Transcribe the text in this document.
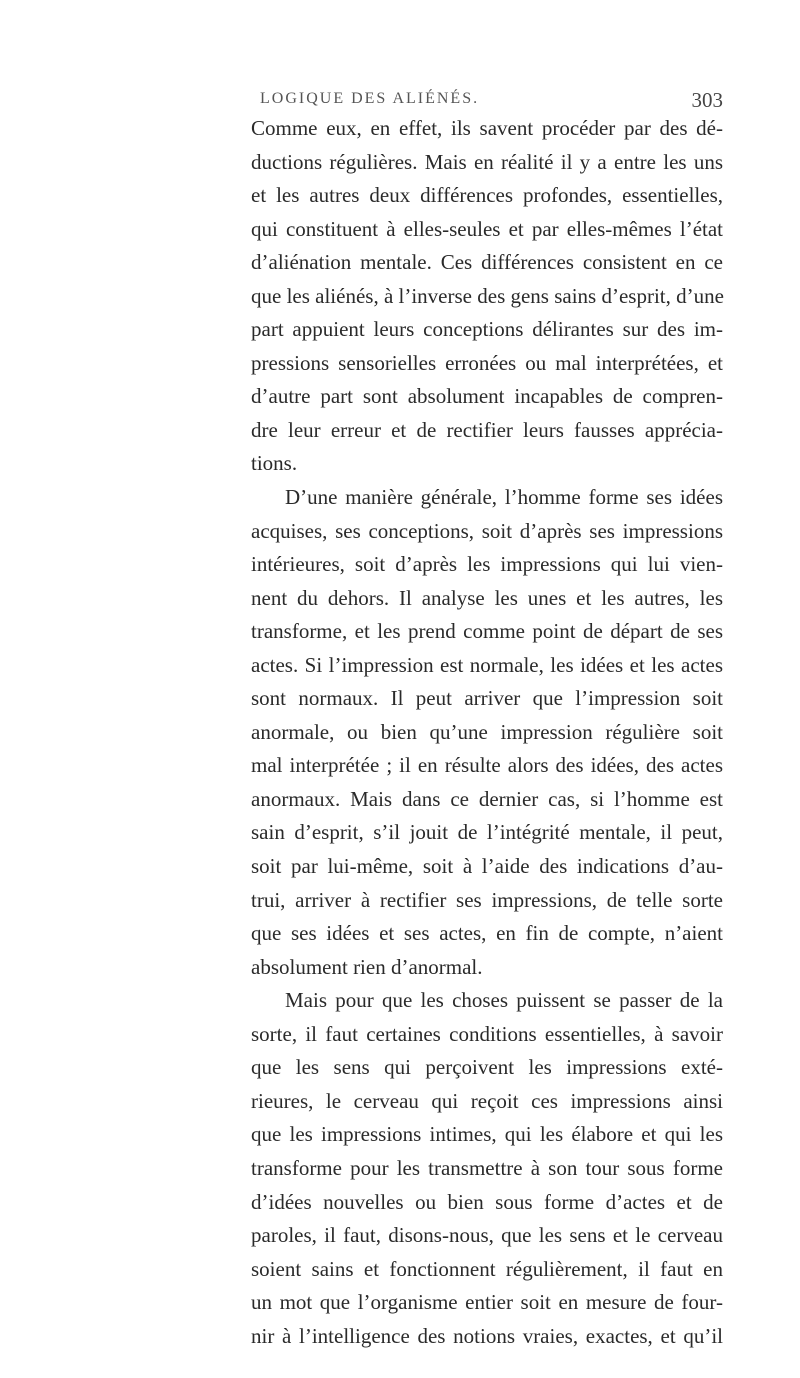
LOGIQUE DES ALIÉNÉS.	303
Comme eux, en effet, ils savent procéder par des dé-
ductions régulières. Mais en réalité il y a entre les uns
et les autres deux différences profondes, essentielles,
qui constituent à elles-seules et par elles-mêmes l’état
d’aliénation mentale. Ces différences consistent en ce
que les aliénés, à l’inverse des gens sains d’esprit, d’une
part appuient leurs conceptions délirantes sur des im-
pressions sensorielles erronées ou mal interprétées, et
d’autre part sont absolument incapables de compren-
dre leur erreur et de rectifier leurs fausses apprécia-
tions.
D’une manière générale, l’homme forme ses idées
acquises, ses conceptions, soit d’après ses impressions
intérieures, soit d’après les impressions qui lui vien-
nent du dehors. Il analyse les unes et les autres, les
transforme, et les prend comme point de départ de ses
actes. Si l’impression est normale, les idées et les actes
sont normaux. Il peut arriver que l’impression soit
anormale, ou bien qu’une impression régulière soit
mal interprétée ; il en résulte alors des idées, des actes
anormaux. Mais dans ce dernier cas, si l’homme est
sain d’esprit, s’il jouit de l’intégrité mentale, il peut,
soit par lui-même, soit à l’aide des indications d’au-
trui, arriver à rectifier ses impressions, de telle sorte
que ses idées et ses actes, en fin de compte, n’aient
absolument rien d’anormal.
Mais pour que les choses puissent se passer de la
sorte, il faut certaines conditions essentielles, à savoir
que les sens qui perçoivent les impressions exté-
rieures, le cerveau qui reçoit ces impressions ainsi
que les impressions intimes, qui les élabore et qui les
transforme pour les transmettre à son tour sous forme
d’idées nouvelles ou bien sous forme d’actes et de
paroles, il faut, disons-nous, que les sens et le cerveau
soient sains et fonctionnent régulièrement, il faut en
un mot que l’organisme entier soit en mesure de four-
nir à l’intelligence des notions vraies, exactes, et qu’il
